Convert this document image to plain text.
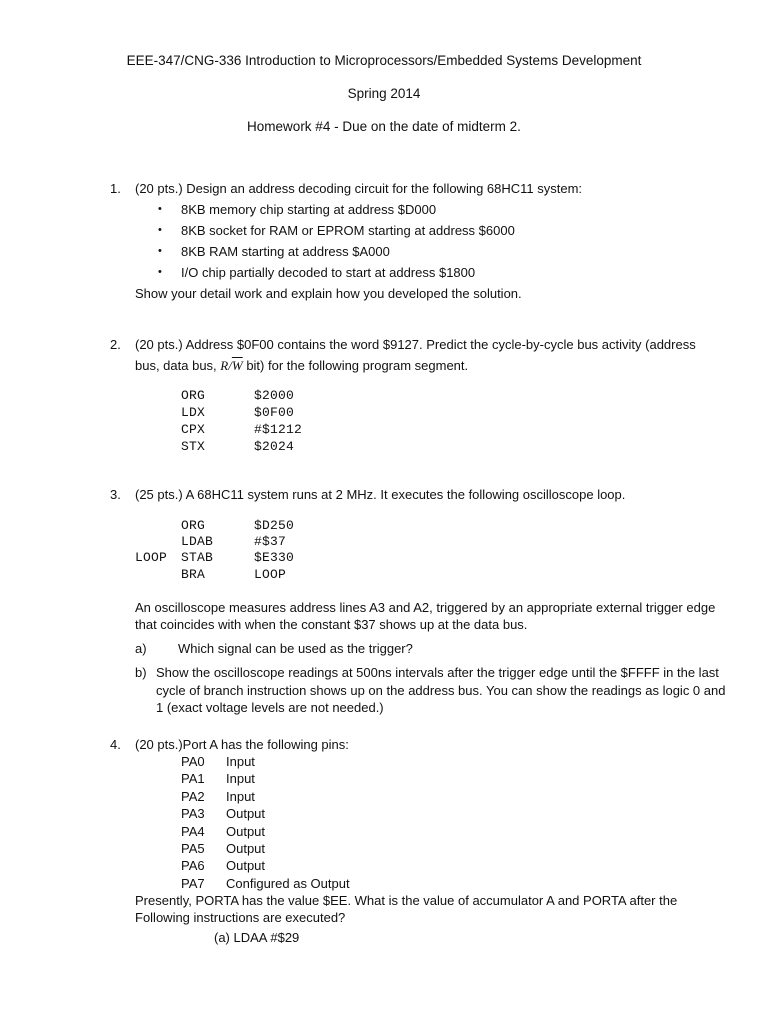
EEE-347/CNG-336 Introduction to Microprocessors/Embedded Systems Development
Spring 2014
Homework #4 - Due on the date of midterm 2.
1. (20 pts.) Design an address decoding circuit for the following 68HC11 system:
• 8KB memory chip starting at address $D000
• 8KB socket for RAM or EPROM starting at address $6000
• 8KB RAM starting at address $A000
• I/O chip partially decoded to start at address $1800
Show your detail work and explain how you developed the solution.
2. (20 pts.) Address $0F00 contains the word $9127. Predict the cycle-by-cycle bus activity (address
bus, data bus, $R/\overline{W}$ bit) for the following program segment.
ORG	$2000
LDX	$0F00
CPX	#$1212
STX	$2024
3. (25 pts.) A 68HC11 system runs at 2 MHz. It executes the following oscilloscope loop.
ORG	$D250
LDAB	#$37
LOOP STAB	$E330
BRA	LOOP
An oscilloscope measures address lines A3 and A2, triggered by an appropriate external trigger edge
that coincides with when the constant $37 shows up at the data bus.
a) Which signal can be used as the trigger?
b) Show the oscilloscope readings at 500ns intervals after the trigger edge until the $FFFF in the last
cycle of branch instruction shows up on the address bus. You can show the readings as logic 0 and
1 (exact voltage levels are not needed.)
4. (20 pts.)Port A has the following pins:
PA0 Input
PA1 Input
PA2 Input
PA3 Output
PA4 Output
PA5 Output
PA6 Output
PA7 Configured as Output
Presently, PORTA has the value $EE. What is the value of accumulator A and PORTA after the
Following instructions are executed?
(a) LDAA #$29
